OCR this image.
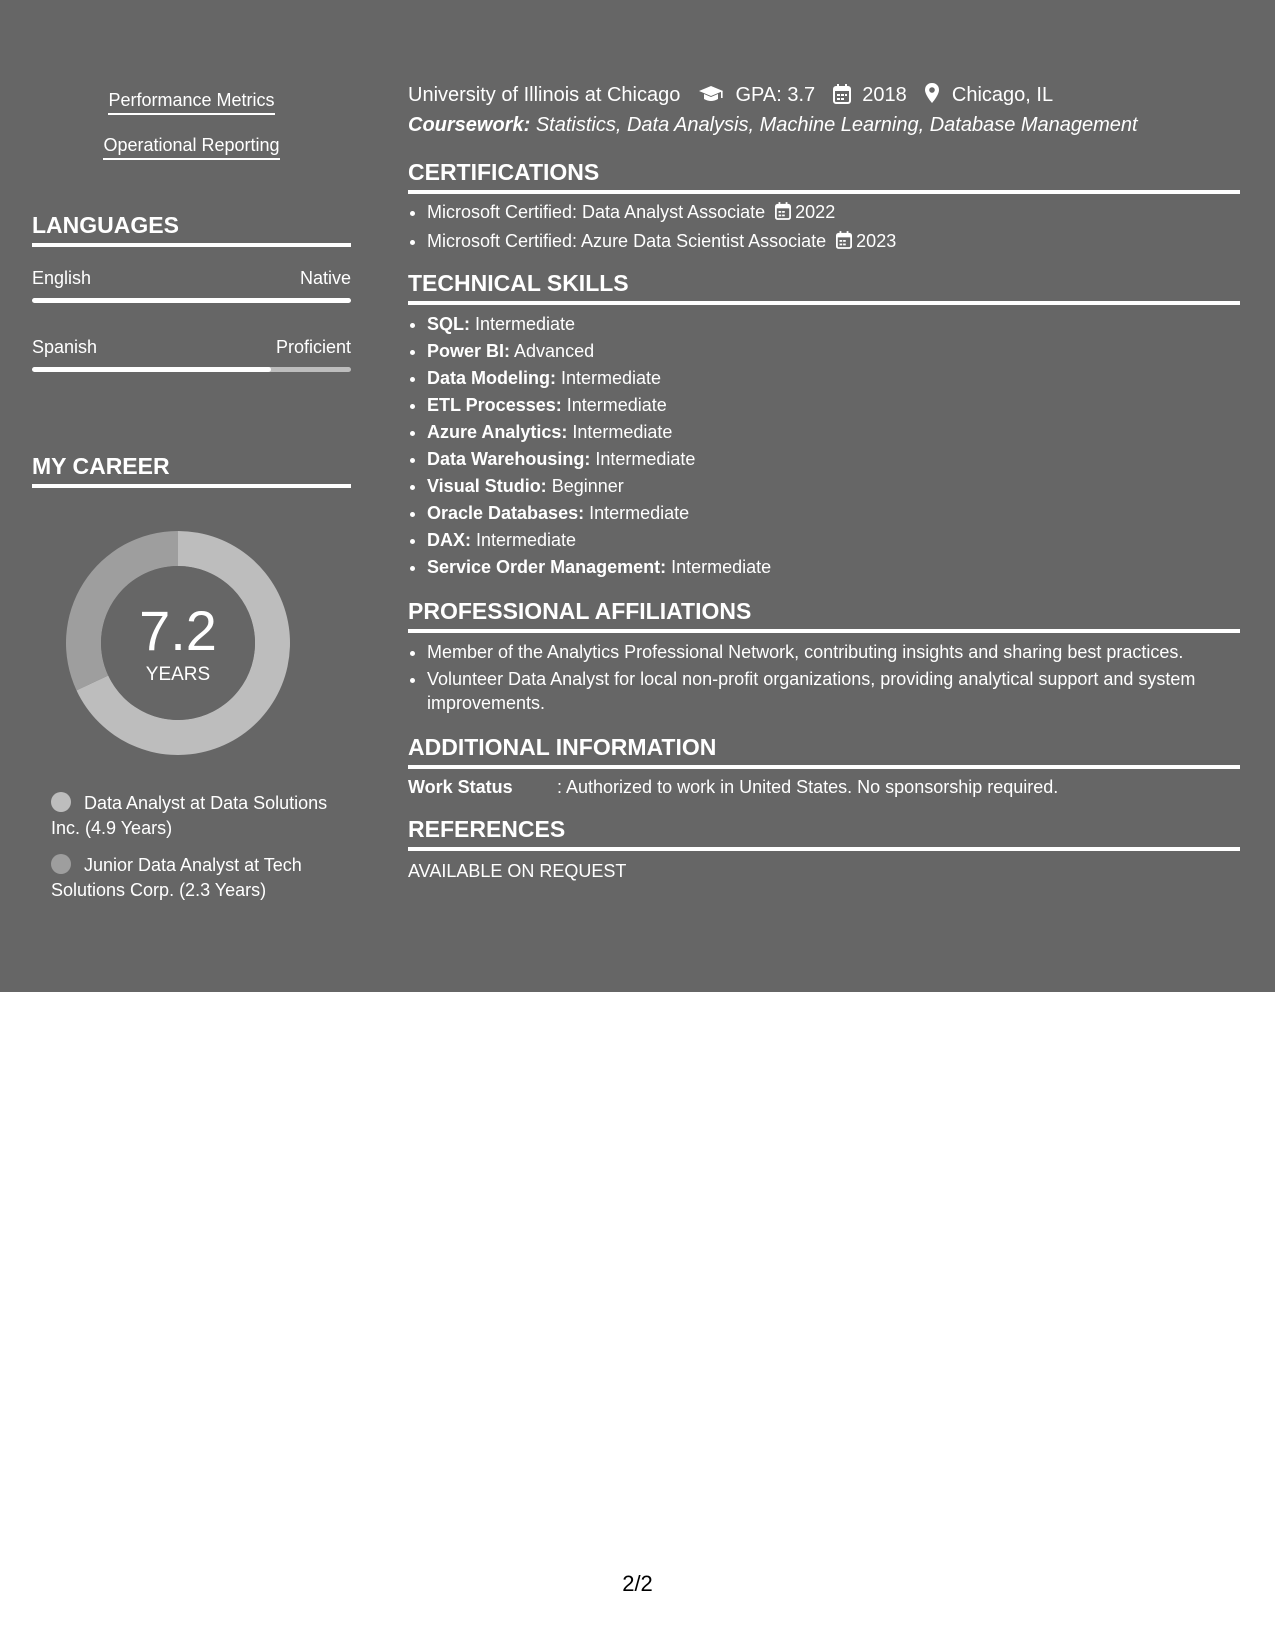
Performance Metrics
Operational Reporting
LANGUAGES
English	Native
Spanish	Proficient
MY CAREER
7.2
YEARS
Data Analyst at Data Solutions Inc. (4.9 Years)
Junior Data Analyst at Tech Solutions Corp. (2.3 Years)
University of Illinois at Chicago	GPA: 3.7 2018 Chicago, IL
Coursework: Statistics, Data Analysis, Machine Learning, Database Management
CERTIFICATIONS
• Microsoft Certified: Data Analyst Associate 2022
• Microsoft Certified: Azure Data Scientist Associate 2023
TECHNICAL SKILLS
• SQL: Intermediate
• Power BI: Advanced
• Data Modeling: Intermediate
• ETL Processes: Intermediate
• Azure Analytics: Intermediate
• Data Warehousing: Intermediate
• Visual Studio: Beginner
• Oracle Databases: Intermediate
• DAX: Intermediate
• Service Order Management: Intermediate
PROFESSIONAL AFFILIATIONS
• Member of the Analytics Professional Network, contributing insights and sharing best practices.
• Volunteer Data Analyst for local non-profit organizations, providing analytical support and system improvements.
ADDITIONAL INFORMATION
Work Status : Authorized to work in United States. No sponsorship required.
REFERENCES
AVAILABLE ON REQUEST
2/2
